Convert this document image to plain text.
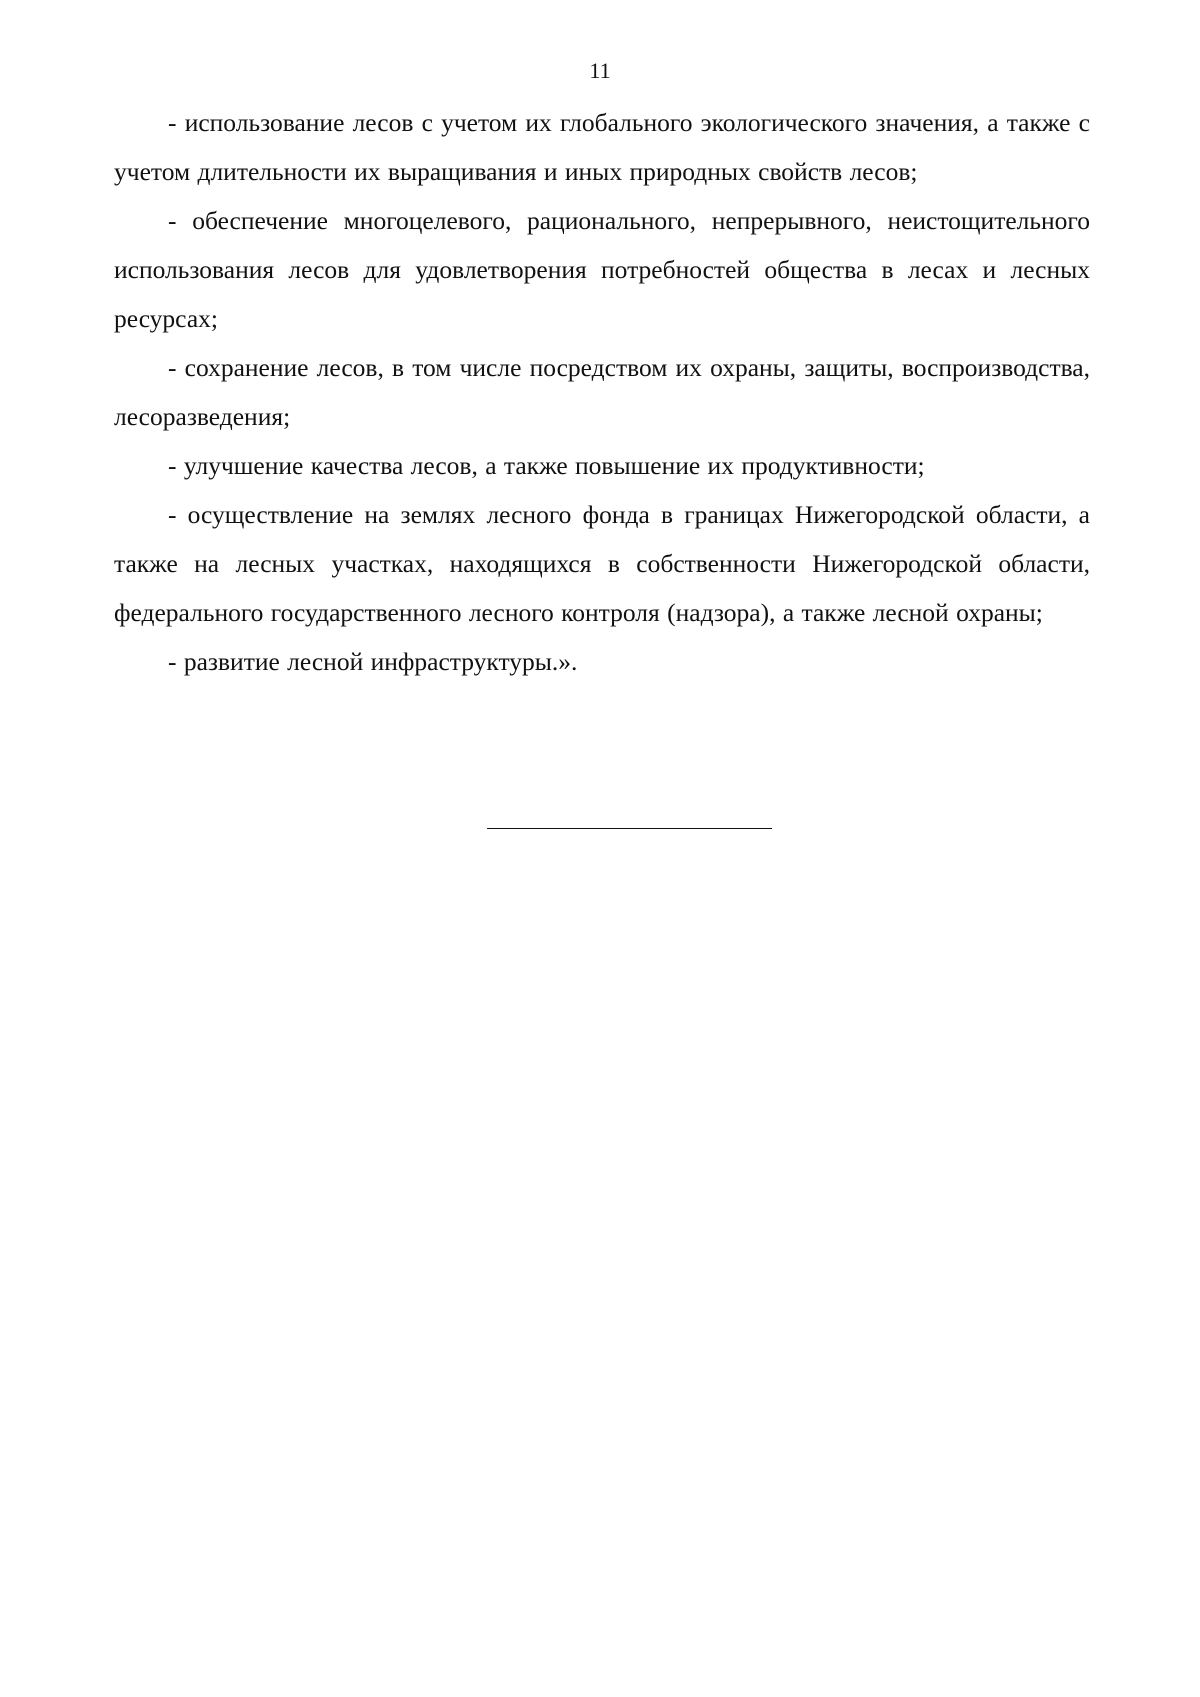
11

- использование лесов с учетом их глобального экологического значения, а также с учетом длительности их выращивания и иных природных свойств лесов;

- обеспечение многоцелевого, рационального, непрерывного, неистощительного использования лесов для удовлетворения потребностей общества в лесах и лесных ресурсах;

- сохранение лесов, в том числе посредством их охраны, защиты, воспроизводства, лесоразведения;

- улучшение качества лесов, а также повышение их продуктивности;

- осуществление на землях лесного фонда в границах Нижегородской области, а также на лесных участках, находящихся в собственности Нижегородской области, федерального государственного лесного контроля (надзора), а также лесной охраны;

- развитие лесной инфраструктуры.».
